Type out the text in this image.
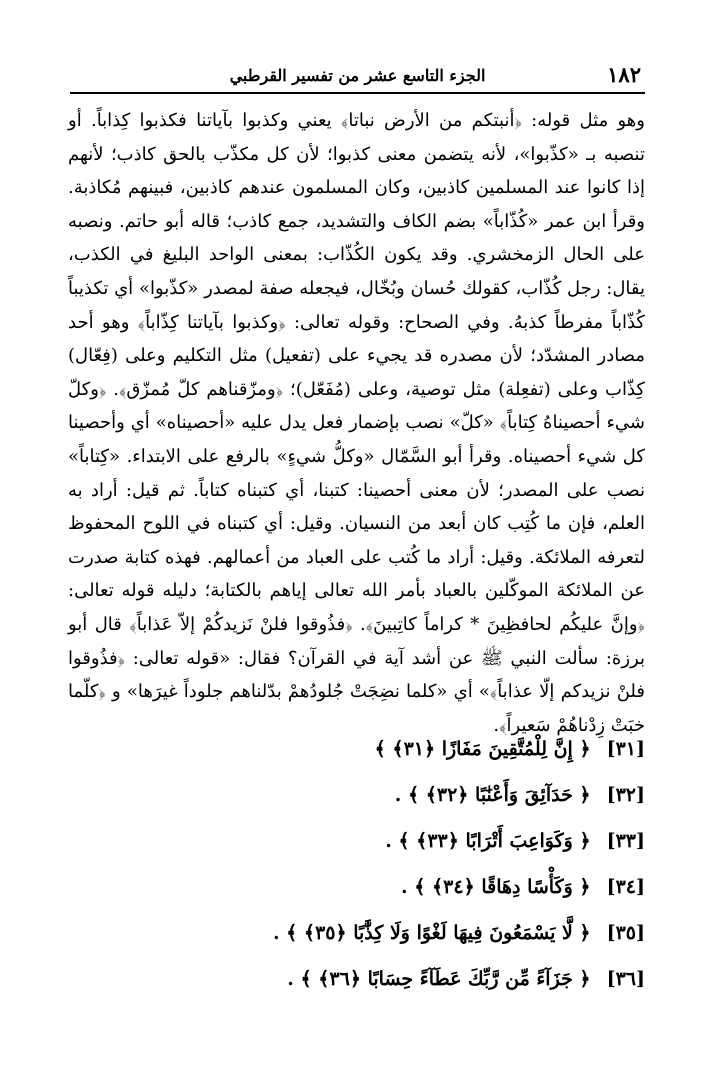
١٨٢
الجزء التاسع عشر من تفسير القرطبي

وهو مثل قوله: ﴿أنبتكم من الأرض نباتا﴾ يعني وكذبوا بآياتنا فكذبوا كِذاباً. أو تنصبه بـ «كذّبوا»، لأنه يتضمن معنى كذبوا؛ لأن كل مكذّب بالحق كاذب؛ لأنهم إذا كانوا عند المسلمين كاذبين، وكان المسلمون عندهم كاذبين، فبينهم مُكاذبة. وقرأ ابن عمر «كُذّاباً» بضم الكاف والتشديد، جمع كاذب؛ قاله أبو حاتم. ونصبه على الحال الزمخشري. وقد يكون الكُذّاب: بمعنى الواحد البليغ في الكذب، يقال: رجل كُذّاب، كقولك حُسان وبُخّال، فيجعله صفة لمصدر «كذّبوا» أي تكذيباً كُذّاباً مفرطاً كذبهُ. وفي الصحاح: وقوله تعالى: ﴿وكذبوا بآياتنا كِذّاباً﴾ وهو أحد مصادر المشدّد؛ لأن مصدره قد يجيء على (تفعيل) مثل التكليم وعلى (فِعّال) كِذّاب وعلى (تفعِلة) مثل توصية، وعلى (مُفَعّل)؛ ﴿ومزّقناهم كلّ مُمزّق﴾. ﴿وكلّ شيء أحصيناهُ كِتاباً﴾ «كلّ» نصب بإضمار فعل يدل عليه «أحصيناه» أي وأحصينا كل شيء أحصيناه. وقرأ أبو السَّمّال «وكلُّ شيءٍ» بالرفع على الابتداء. «كِتاباً» نصب على المصدر؛ لأن معنى أحصينا: كتبنا، أي كتبناه كتاباً. ثم قيل: أراد به العلم، فإن ما كُتِب كان أبعد من النسيان. وقيل: أي كتبناه في اللوح المحفوظ لتعرفه الملائكة. وقيل: أراد ما كُتب على العباد من أعمالهم. فهذه كتابة صدرت عن الملائكة الموكّلين بالعباد بأمر الله تعالى إياهم بالكتابة؛ دليله قوله تعالى: ﴿وإنَّ عليكُم لحافظِينَ * كراماً كاتِبينَ﴾. ﴿فذُوقوا فلنْ نَزيدكُمْ إلاّ عَذاباً﴾ قال أبو برزة: سألت النبي ﷺ عن أشد آية في القرآن؟ فقال: «قوله تعالى: ﴿فذُوقوا فلنْ نزيدكم إلّا عذاباً﴾» أي «كلما نضِجَتْ جُلودُهمْ بدّلناهم جلوداً غيرَها» و ﴿كلّما خبَتْ زِدْناهُمْ سَعيراً﴾.

[٣١]
﴿ إِنَّ لِلْمُتَّقِينَ مَفَازًا ﴿٣١﴾ ﴾
[٣٢]
﴿ حَدَآئِقَ وَأَعْنَٰبًا ﴿٣٢﴾ ﴾ .
[٣٣]
﴿ وَكَوَاعِبَ أَتْرَابًا ﴿٣٣﴾ ﴾ .
[٣٤]
﴿ وَكَأْسًا دِهَاقًا ﴿٣٤﴾ ﴾ .
[٣٥]
﴿ لَّا يَسْمَعُونَ فِيهَا لَغْوًا وَلَا كِذَّٰبًا ﴿٣٥﴾ ﴾ .
[٣٦]
﴿ جَزَآءً مِّن رَّبِّكَ عَطَآءً حِسَابًا ﴿٣٦﴾ ﴾ .
